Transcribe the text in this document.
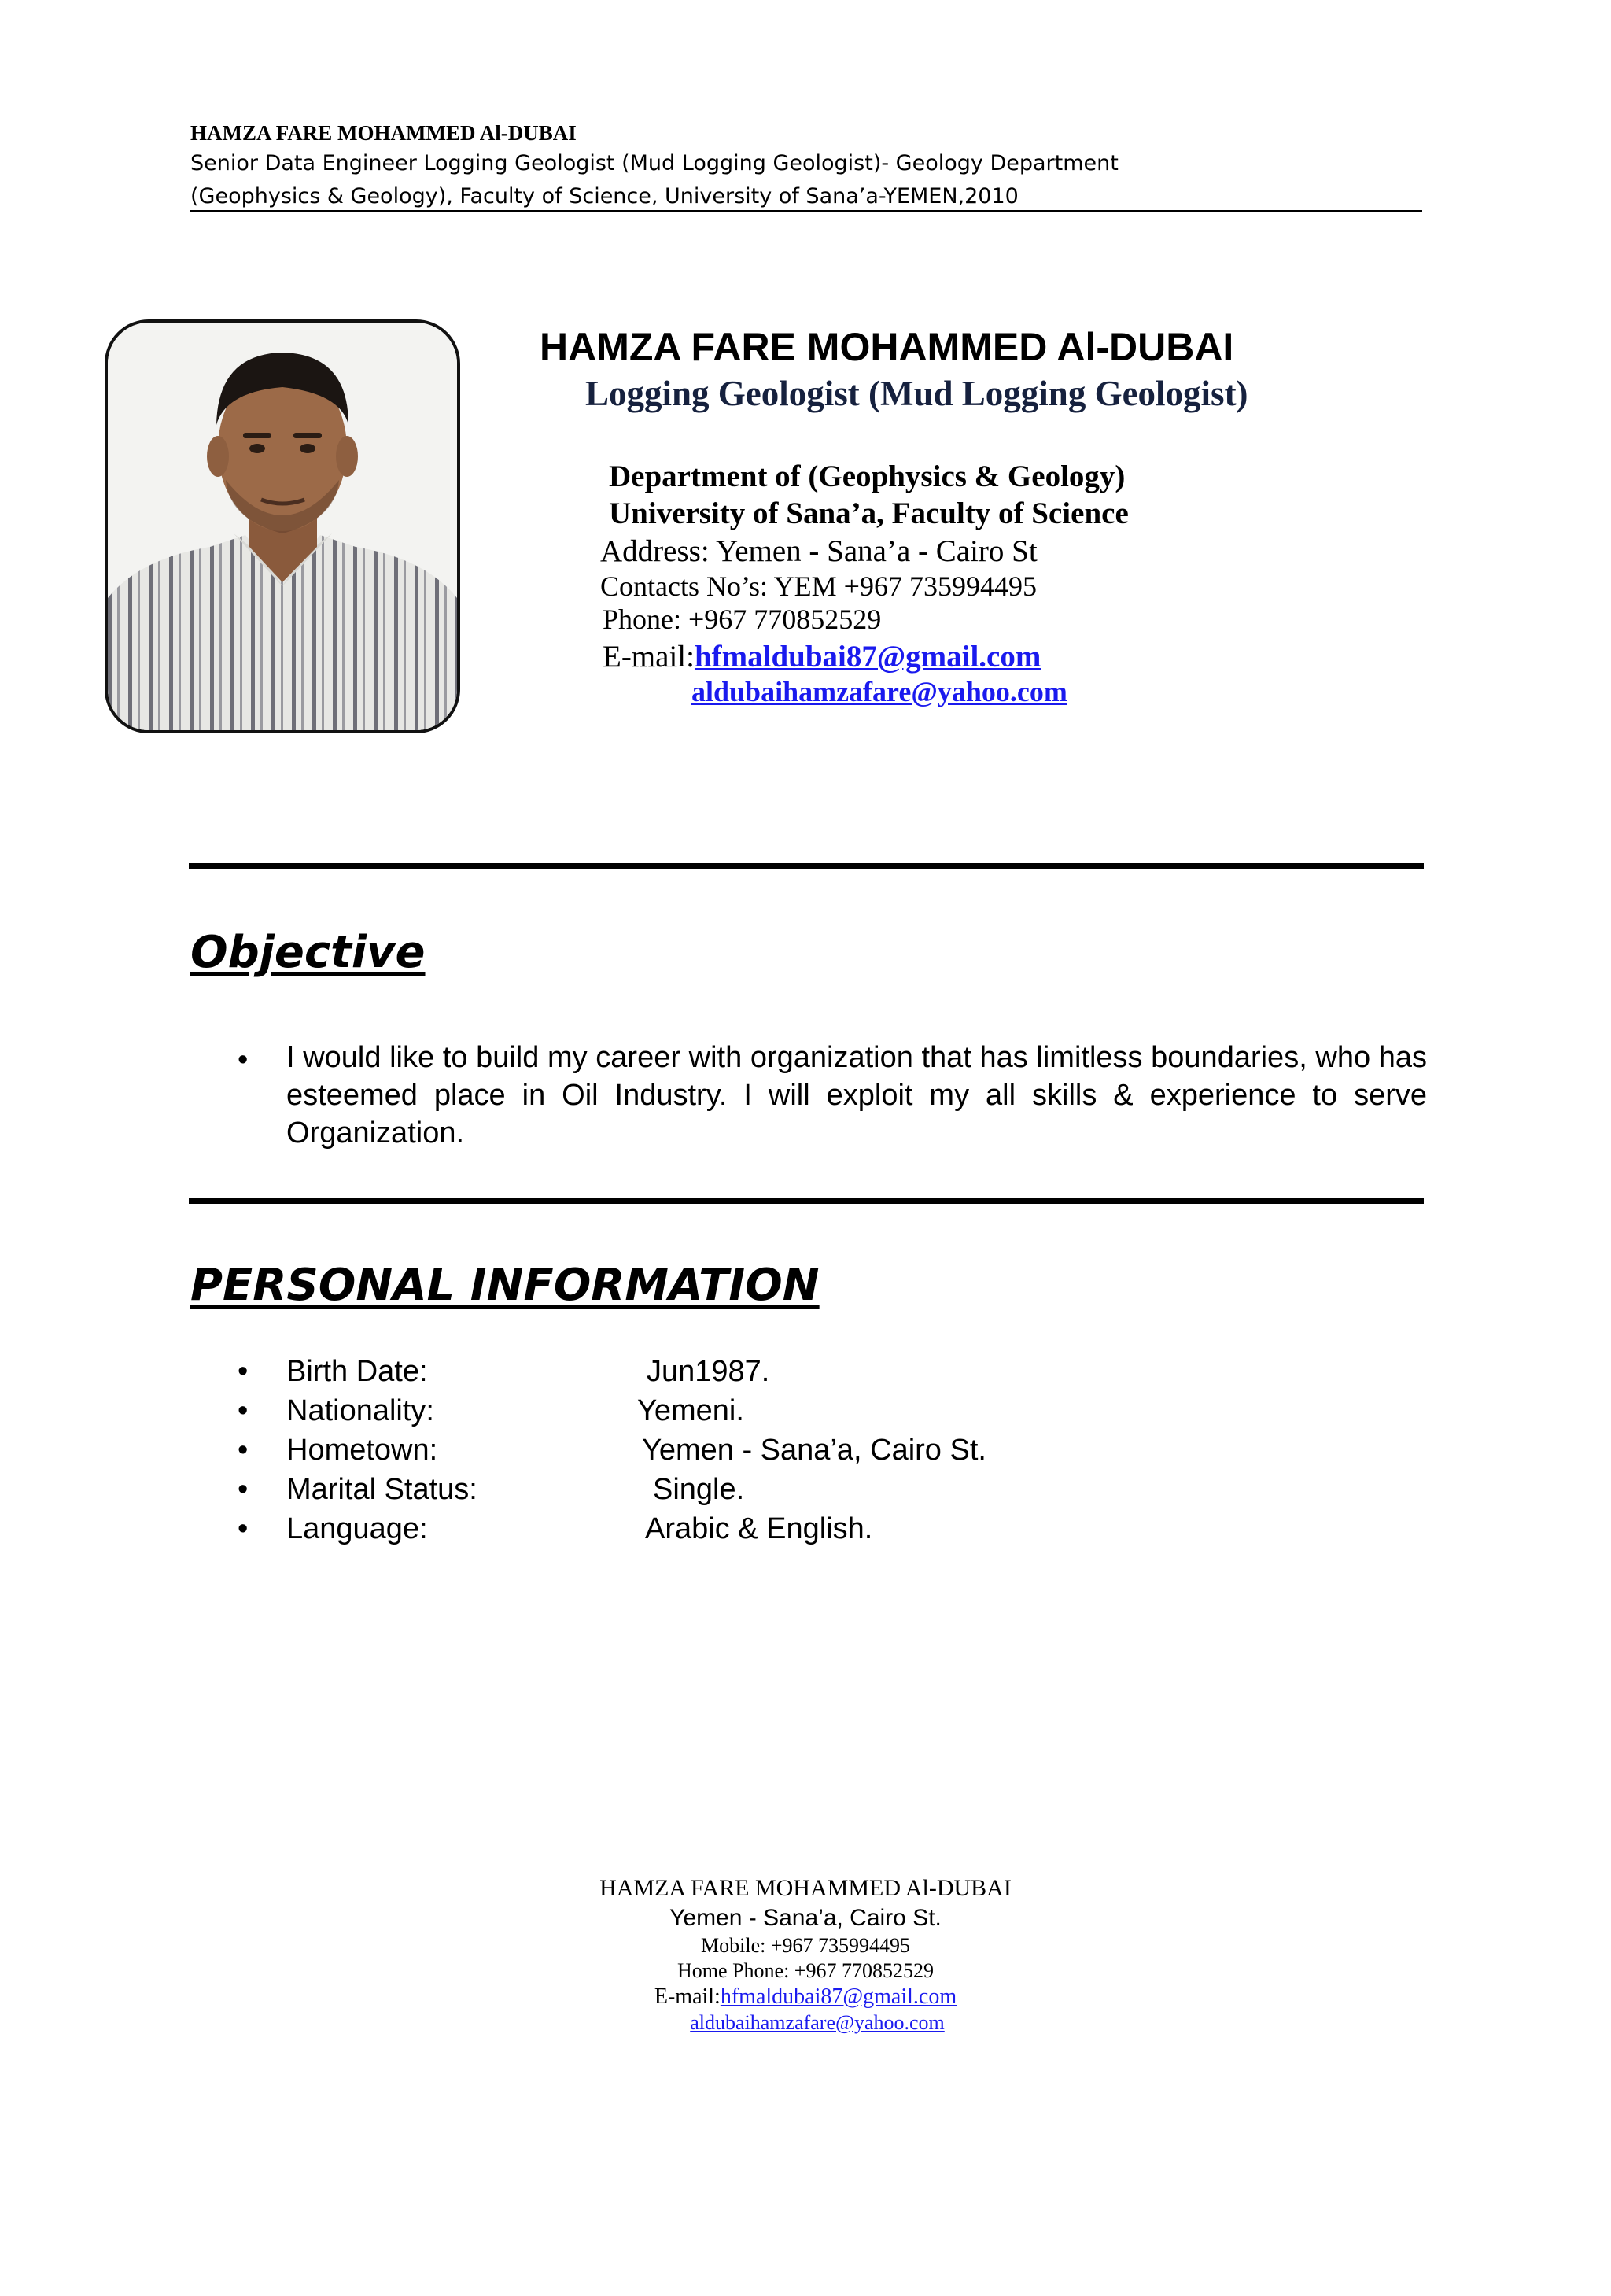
HAMZA FARE MOHAMMED Al-DUBAI
Senior Data Engineer Logging Geologist (Mud Logging Geologist)- Geology Department
(Geophysics & Geology), Faculty of Science, University of Sana’a-YEMEN,2010
HAMZA FARE MOHAMMED Al-DUBAI
Logging Geologist (Mud Logging Geologist)
Department of (Geophysics & Geology)
University of Sana’a, Faculty of Science
Address: Yemen - Sana’a - Cairo St
Contacts No’s: YEM +967 735994495
Phone: +967 770852529
E-mail:hfmaldubai87@gmail.com
aldubaihamzafare@yahoo.com
Objective
• I would like to build my career with organization that has limitless boundaries, who has esteemed place in Oil Industry. I will exploit my all skills & experience to serve Organization.
PERSONAL INFORMATION
• Birth Date:	Jun1987.
• Nationality:	Yemeni.
• Hometown:	Yemen - Sana’a, Cairo St.
• Marital Status:	Single.
• Language:	Arabic & English.
HAMZA FARE MOHAMMED Al-DUBAI
Yemen - Sana’a, Cairo St.
Mobile: +967 735994495
Home Phone: +967 770852529
E-mail:hfmaldubai87@gmail.com
aldubaihamzafare@yahoo.com
